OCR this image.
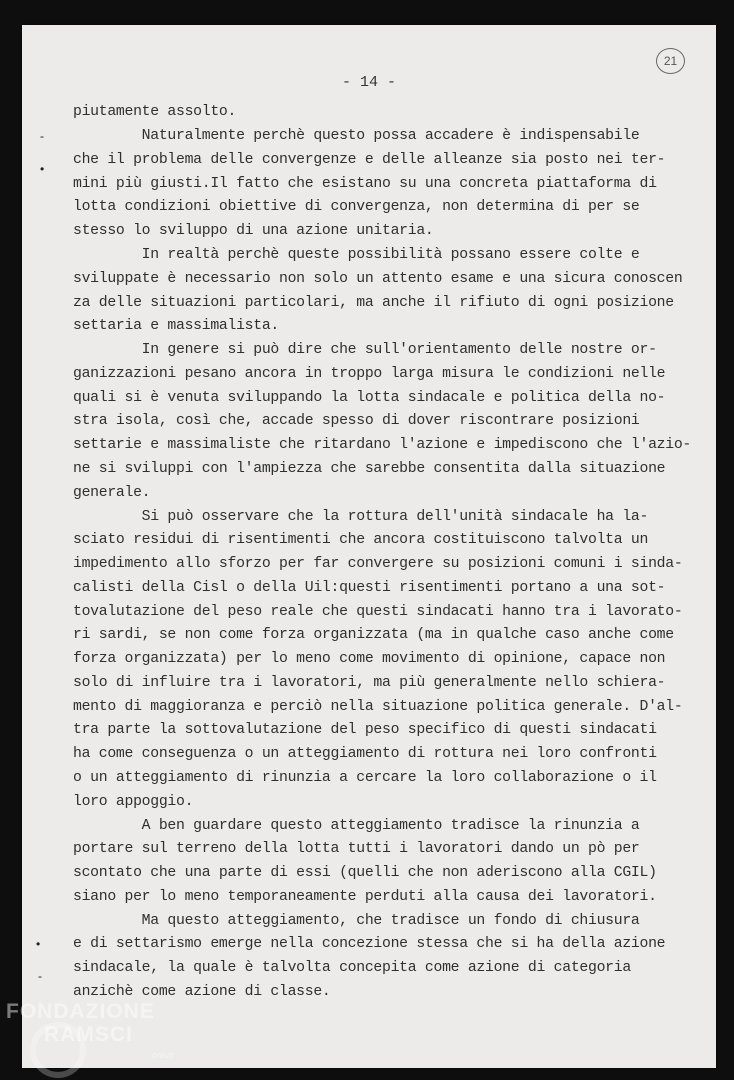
21
- 14 -
piutamente assolto.
Naturalmente perchè questo possa accadere è indispensabile
che il problema delle convergenze e delle alleanze sia posto nei ter-
mini più giusti.Il fatto che esistano su una concreta piattaforma di
lotta condizioni obiettive di convergenza, non determina di per se
stesso lo sviluppo di una azione unitaria.
In realtà perchè queste possibilità possano essere colte e
sviluppate è necessario non solo un attento esame e una sicura conoscen
za delle situazioni particolari, ma anche il rifiuto di ogni posizione
settaria e massimalista.
In genere si può dire che sull'orientamento delle nostre or-
ganizzazioni pesano ancora in troppo larga misura le condizioni nelle
quali si è venuta sviluppando la lotta sindacale e politica della no-
stra isola, così che, accade spesso di dover riscontrare posizioni
settarie e massimaliste che ritardano l'azione e impediscono che l'azio-
ne si sviluppi con l'ampiezza che sarebbe consentita dalla situazione
generale.
Si può osservare che la rottura dell'unità sindacale ha la-
sciato residui di risentimenti che ancora costituiscono talvolta un
impedimento allo sforzo per far convergere su posizioni comuni i sinda-
calisti della Cisl o della Uil:questi risentimenti portano a una sot-
tovalutazione del peso reale che questi sindacati hanno tra i lavorato-
ri sardi, se non come forza organizzata (ma in qualche caso anche come
forza organizzata) per lo meno come movimento di opinione, capace non
solo di influire tra i lavoratori, ma più generalmente nello schiera-
mento di maggioranza e perciò nella situazione politica generale. D'al-
tra parte la sottovalutazione del peso specifico di questi sindacati
ha come conseguenza o un atteggiamento di rottura nei loro confronti
o un atteggiamento di rinunzia a cercare la loro collaborazione o il
loro appoggio.
A ben guardare questo atteggiamento tradisce la rinunzia a
portare sul terreno della lotta tutti i lavoratori dando un pò per
scontato che una parte di essi (quelli che non aderiscono alla CGIL)
siano per lo meno temporaneamente perduti alla causa dei lavoratori.
Ma questo atteggiamento, che tradisce un fondo di chiusura
e di settarismo emerge nella concezione stessa che si ha della azione
sindacale, la quale è talvolta concepita come azione di categoria
anzichè come azione di classe.
-
•
•
-
FONDAZIONE
RAMSCI
onlus
